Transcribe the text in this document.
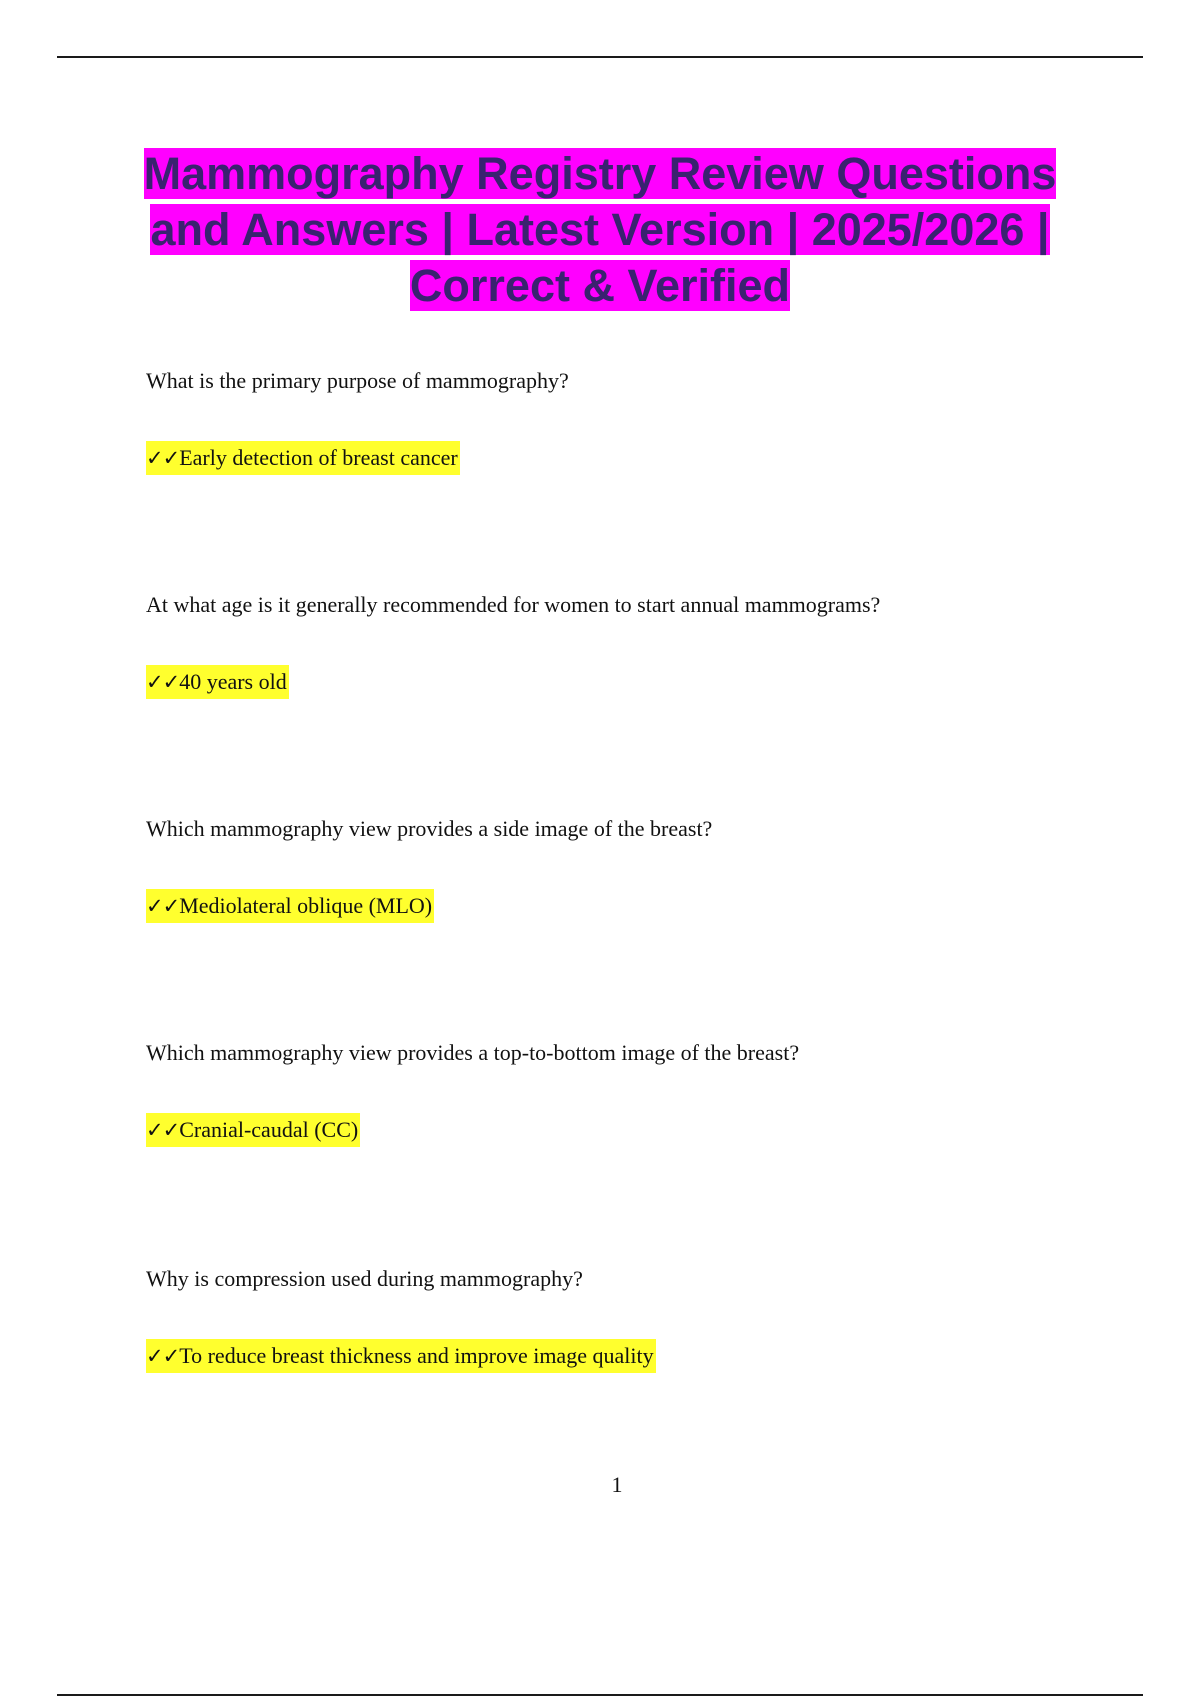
Mammography Registry Review Questions and Answers | Latest Version | 2025/2026 | Correct & Verified
What is the primary purpose of mammography?
✓✓Early detection of breast cancer
At what age is it generally recommended for women to start annual mammograms?
✓✓40 years old
Which mammography view provides a side image of the breast?
✓✓Mediolateral oblique (MLO)
Which mammography view provides a top-to-bottom image of the breast?
✓✓Cranial-caudal (CC)
Why is compression used during mammography?
✓✓To reduce breast thickness and improve image quality
1
